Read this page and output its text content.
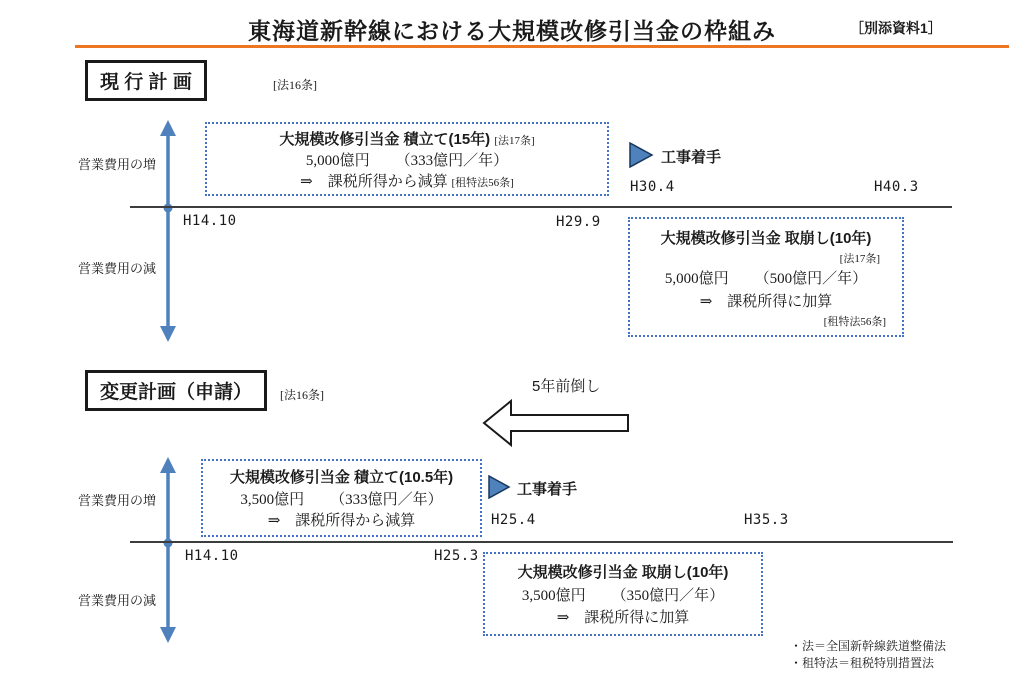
東海道新幹線における大規模改修引当金の枠組み	［別添資料1］
現 行 計 画	[法16条]
営業費用の増
営業費用の減
大規模改修引当金 積立て(15年) [法17条]
5,000億円 （333億円／年）
⇒　課税所得から減算 [租特法56条]
工事着手
H30.4	H40.3
H14.10	H29.9
大規模改修引当金 取崩し(10年)
[法17条]
5,000億円 （500億円／年）
⇒　課税所得に加算
[租特法56条]
5年前倒し
変更計画（申請）	[法16条]
営業費用の増
営業費用の減
大規模改修引当金 積立て(10.5年)
3,500億円 （333億円／年）
⇒　課税所得から減算
工事着手
H25.4	H35.3
H14.10	H25.3
大規模改修引当金 取崩し(10年)
3,500億円 （350億円／年）
⇒　課税所得に加算
・法＝全国新幹線鉄道整備法
・租特法＝租税特別措置法
